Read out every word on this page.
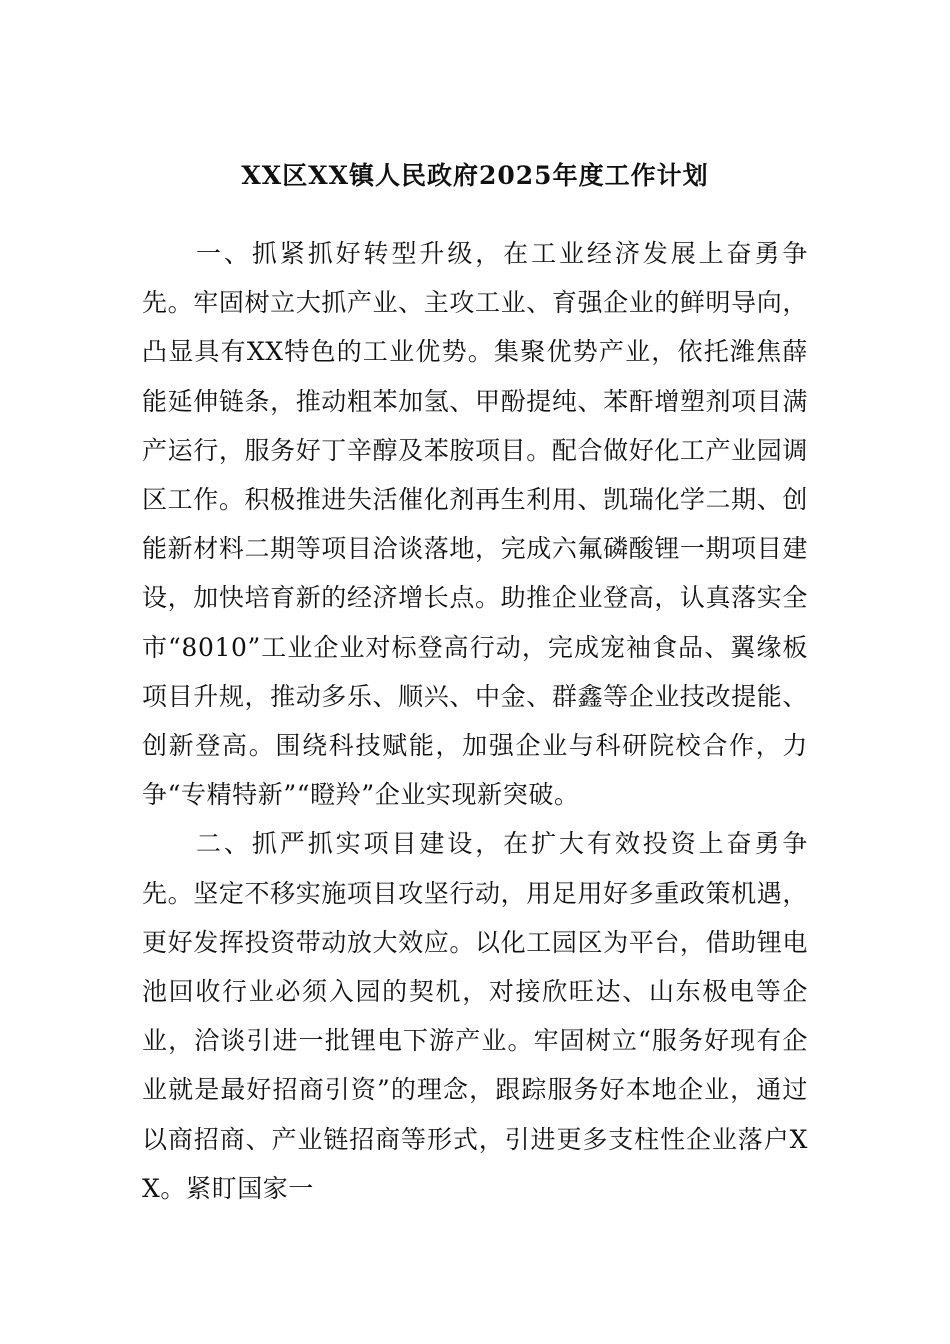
XX区XX镇人民政府2025年度工作计划

一、抓紧抓好转型升级，在工业经济发展上奋勇争先。牢固树立大抓产业、主攻工业、育强企业的鲜明导向，凸显具有XX特色的工业优势。集聚优势产业，依托潍焦薛能延伸链条，推动粗苯加氢、甲酚提纯、苯酐增塑剂项目满产运行，服务好丁辛醇及苯胺项目。配合做好化工产业园调区工作。积极推进失活催化剂再生利用、凯瑞化学二期、创能新材料二期等项目洽谈落地，完成六氟磷酸锂一期项目建设，加快培育新的经济增长点。助推企业登高，认真落实全市“8010”工业企业对标登高行动，完成宠袖食品、翼缘板项目升规，推动多乐、顺兴、中金、群鑫等企业技改提能、创新登高。围绕科技赋能，加强企业与科研院校合作，力争“专精特新”“瞪羚”企业实现新突破。

二、抓严抓实项目建设，在扩大有效投资上奋勇争先。坚定不移实施项目攻坚行动，用足用好多重政策机遇，更好发挥投资带动放大效应。以化工园区为平台，借助锂电池回收行业必须入园的契机，对接欣旺达、山东极电等企业，洽谈引进一批锂电下游产业。牢固树立“服务好现有企业就是最好招商引资”的理念，跟踪服务好本地企业，通过以商招商、产业链招商等形式，引进更多支柱性企业落户XX。紧盯国家一
